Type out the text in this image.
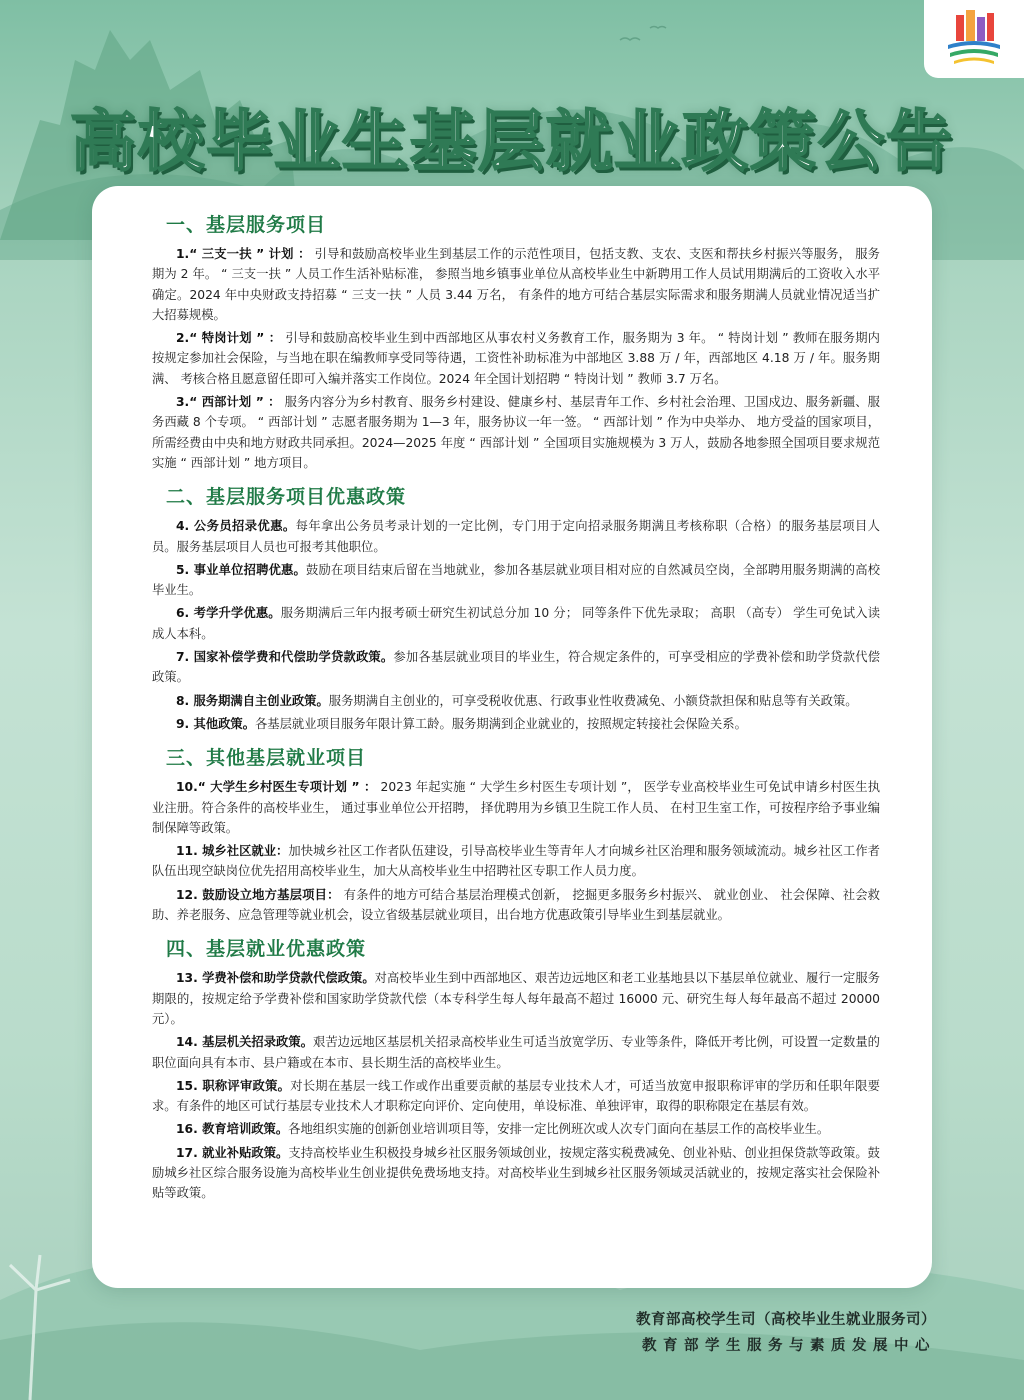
高校毕业生基层就业政策公告
一、基层服务项目

1.“ 三支一扶 ” 计划 ： 引导和鼓励高校毕业生到基层工作的示范性项目，包括支教、支农、支医和帮扶乡村振兴等服务， 服务期为 2 年。 “ 三支一扶 ” 人员工作生活补贴标准， 参照当地乡镇事业单位从高校毕业生中新聘用工作人员试用期满后的工资收入水平确定。2024 年中央财政支持招募 “ 三支一扶 ” 人员 3.44 万名， 有条件的地方可结合基层实际需求和服务期满人员就业情况适当扩大招募规模。

2.“ 特岗计划 ” ： 引导和鼓励高校毕业生到中西部地区从事农村义务教育工作，服务期为 3 年。 “ 特岗计划 ” 教师在服务期内按规定参加社会保险，与当地在职在编教师享受同等待遇，工资性补助标准为中部地区 3.88 万 / 年，西部地区 4.18 万 / 年。服务期满、 考核合格且愿意留任即可入编并落实工作岗位。2024 年全国计划招聘 “ 特岗计划 ” 教师 3.7 万名。

3.“ 西部计划 ” ： 服务内容分为乡村教育、服务乡村建设、健康乡村、基层青年工作、乡村社会治理、卫国戍边、服务新疆、服务西藏 8 个专项。 “ 西部计划 ” 志愿者服务期为 1—3 年，服务协议一年一签。 “ 西部计划 ” 作为中央举办、 地方受益的国家项目， 所需经费由中央和地方财政共同承担。2024—2025 年度 “ 西部计划 ” 全国项目实施规模为 3 万人，鼓励各地参照全国项目要求规范实施 “ 西部计划 ” 地方项目。

二、基层服务项目优惠政策

4. 公务员招录优惠。每年拿出公务员考录计划的一定比例，专门用于定向招录服务期满且考核称职（合格）的服务基层项目人员。服务基层项目人员也可报考其他职位。

5. 事业单位招聘优惠。鼓励在项目结束后留在当地就业，参加各基层就业项目相对应的自然减员空岗，全部聘用服务期满的高校毕业生。

6. 考学升学优惠。服务期满后三年内报考硕士研究生初试总分加 10 分； 同等条件下优先录取； 高职 （高专） 学生可免试入读成人本科。

7. 国家补偿学费和代偿助学贷款政策。参加各基层就业项目的毕业生，符合规定条件的，可享受相应的学费补偿和助学贷款代偿政策。

8. 服务期满自主创业政策。服务期满自主创业的，可享受税收优惠、行政事业性收费减免、小额贷款担保和贴息等有关政策。

9. 其他政策。各基层就业项目服务年限计算工龄。服务期满到企业就业的，按照规定转接社会保险关系。

三、其他基层就业项目

10.“ 大学生乡村医生专项计划 ” ： 2023 年起实施 “ 大学生乡村医生专项计划 ”， 医学专业高校毕业生可免试申请乡村医生执业注册。符合条件的高校毕业生， 通过事业单位公开招聘， 择优聘用为乡镇卫生院工作人员、 在村卫生室工作，可按程序给予事业编制保障等政策。

11. 城乡社区就业：加快城乡社区工作者队伍建设，引导高校毕业生等青年人才向城乡社区治理和服务领域流动。城乡社区工作者队伍出现空缺岗位优先招用高校毕业生，加大从高校毕业生中招聘社区专职工作人员力度。

12. 鼓励设立地方基层项目： 有条件的地方可结合基层治理模式创新， 挖掘更多服务乡村振兴、 就业创业、 社会保障、社会救助、养老服务、应急管理等就业机会，设立省级基层就业项目，出台地方优惠政策引导毕业生到基层就业。

四、基层就业优惠政策

13. 学费补偿和助学贷款代偿政策。对高校毕业生到中西部地区、艰苦边远地区和老工业基地县以下基层单位就业、履行一定服务期限的，按规定给予学费补偿和国家助学贷款代偿（本专科学生每人每年最高不超过 16000 元、研究生每人每年最高不超过 20000 元）。

14. 基层机关招录政策。艰苦边远地区基层机关招录高校毕业生可适当放宽学历、专业等条件，降低开考比例，可设置一定数量的职位面向具有本市、县户籍或在本市、县长期生活的高校毕业生。

15. 职称评审政策。对长期在基层一线工作或作出重要贡献的基层专业技术人才，可适当放宽申报职称评审的学历和任职年限要求。有条件的地区可试行基层专业技术人才职称定向评价、定向使用，单设标准、单独评审，取得的职称限定在基层有效。

16. 教育培训政策。各地组织实施的创新创业培训项目等，安排一定比例班次或人次专门面向在基层工作的高校毕业生。

17. 就业补贴政策。支持高校毕业生积极投身城乡社区服务领域创业，按规定落实税费减免、创业补贴、创业担保贷款等政策。鼓励城乡社区综合服务设施为高校毕业生创业提供免费场地支持。对高校毕业生到城乡社区服务领域灵活就业的，按规定落实社会保险补贴等政策。

教育部高校学生司（高校毕业生就业服务司）
教育部学生服务与素质发展中心
